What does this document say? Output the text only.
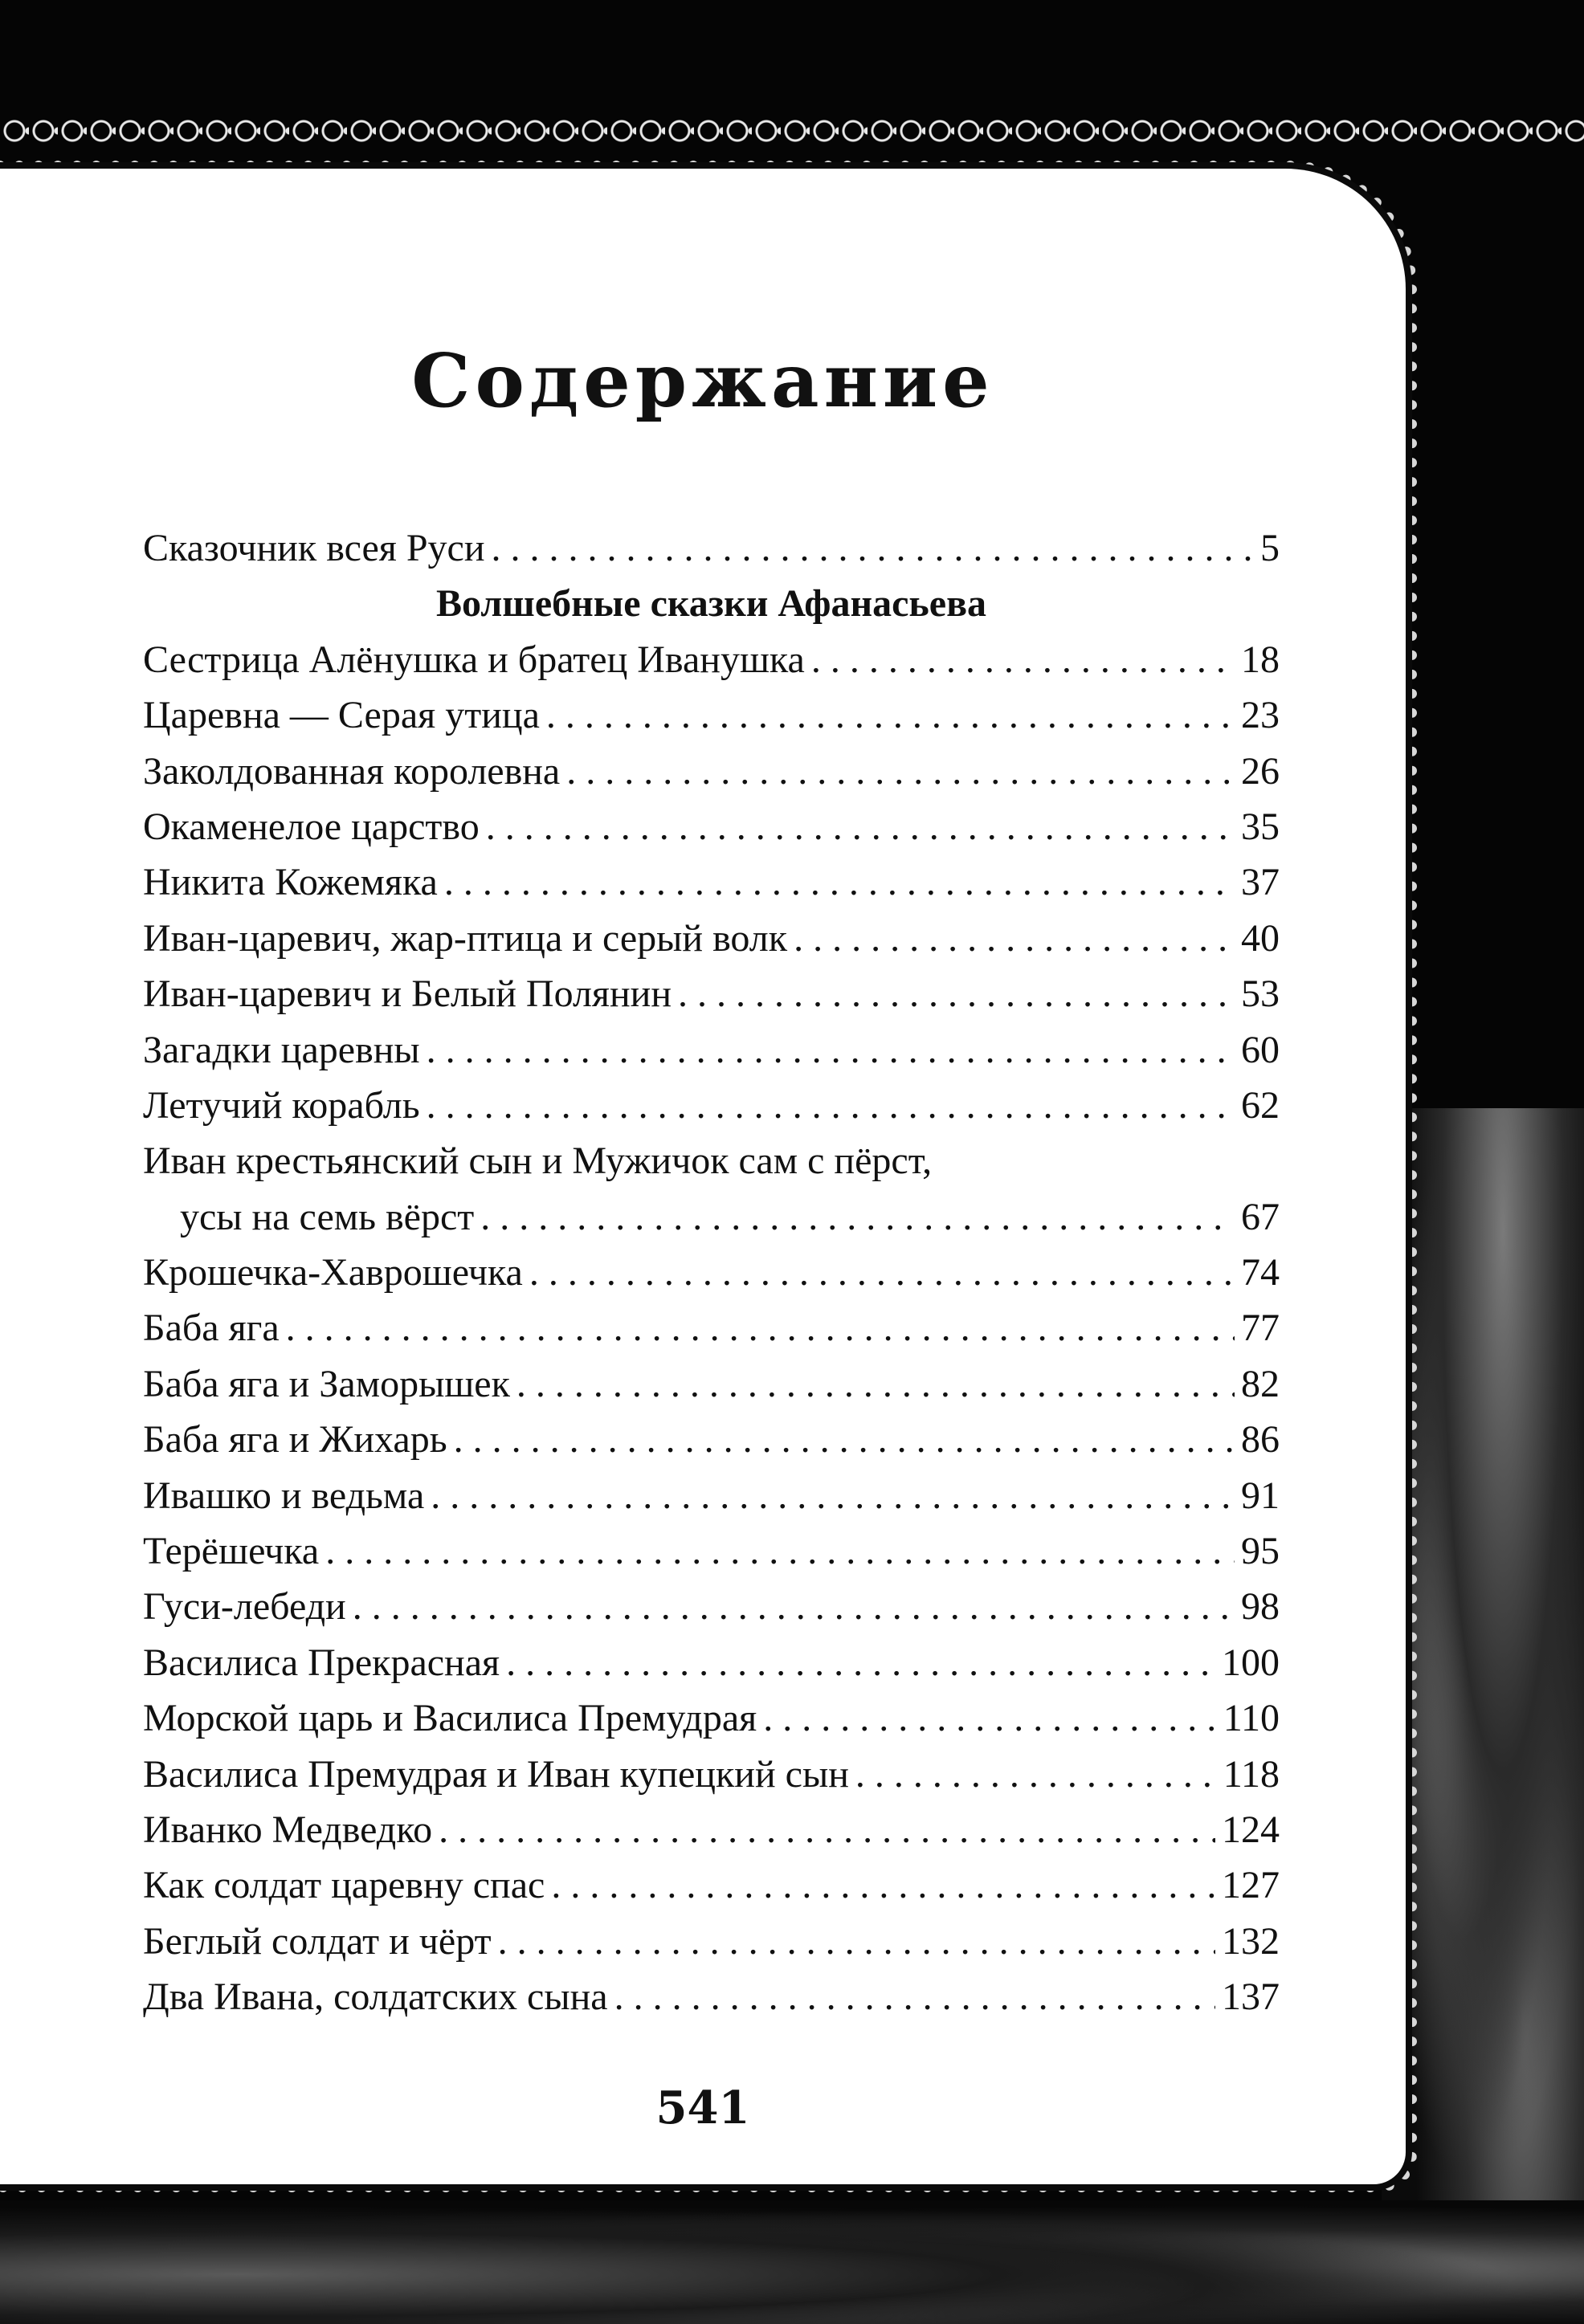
Содержание
Сказочник всея Руси . . .	5
Волшебные сказки Афанасьева
Сестрица Алёнушка и братец Иванушка . . .	18
Царевна — Серая утица . . .	23
Заколдованная королевна . . .	26
Окаменелое царство . . .	35
Никита Кожемяка . . .	37
Иван-царевич, жар-птица и серый волк . . .	40
Иван-царевич и Белый Полянин . . .	53
Загадки царевны . . .	60
Летучий корабль . . .	62
Иван крестьянский сын и Мужичок сам с пёрст,
усы на семь вёрст . . .	67
Крошечка-Хаврошечка . . .	74
Баба яга . . .	77
Баба яга и Заморышек . . .	82
Баба яга и Жихарь . . .	86
Ивашко и ведьма . . .	91
Терёшечка . . .	95
Гуси-лебеди . . .	98
Василиса Прекрасная . . .	100
Морской царь и Василиса Премудрая . . .	110
Василиса Премудрая и Иван купецкий сын . . .	118
Иванко Медведко . . .	124
Как солдат царевну спас . . .	127
Беглый солдат и чёрт . . .	132
Два Ивана, солдатских сына . . .	137
541
